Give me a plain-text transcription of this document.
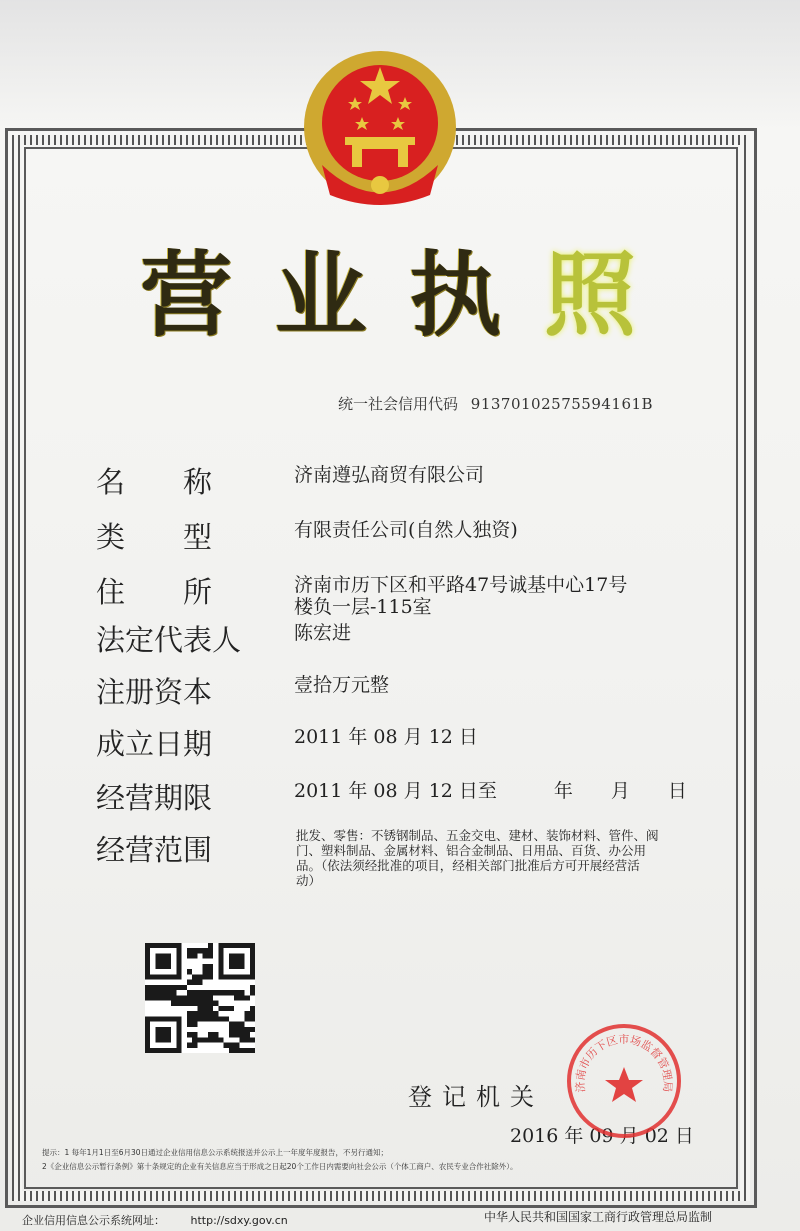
营 业 执 照
统一社会信用代码 91370102575594161B
名　　称	济南遵弘商贸有限公司
类　　型	有限责任公司(自然人独资)
住　　所	济南市历下区和平路47号诚基中心17号
楼负一层-115室
法定代表人	陈宏进
注册资本	壹拾万元整
成立日期	2011 年 08 月 12 日
经营期限	2011 年 08 月 12 日至　　　年　　月　　日
经营范围	批发、零售：不锈钢制品、五金交电、建材、装饰材料、管件、阀
门、塑料制品、金属材料、铝合金制品、日用品、百货、办公用
品。（依法须经批准的项目，经相关部门批准后方可开展经营活
动）
登记机关
2016 年 09 月 02 日
济南市历下区市场监督管理局
提示：1 每年1月1日至6月30日通过企业信用信息公示系统报送并公示上一年度年度报告，不另行通知；
2《企业信息公示暂行条例》第十条规定的企业有关信息应当于形成之日起20个工作日内需要向社会公示（个体工商户、农民专业合作社除外）。
企业信用信息公示系统网址： http://sdxy.gov.cn	中华人民共和国国家工商行政管理总局监制
